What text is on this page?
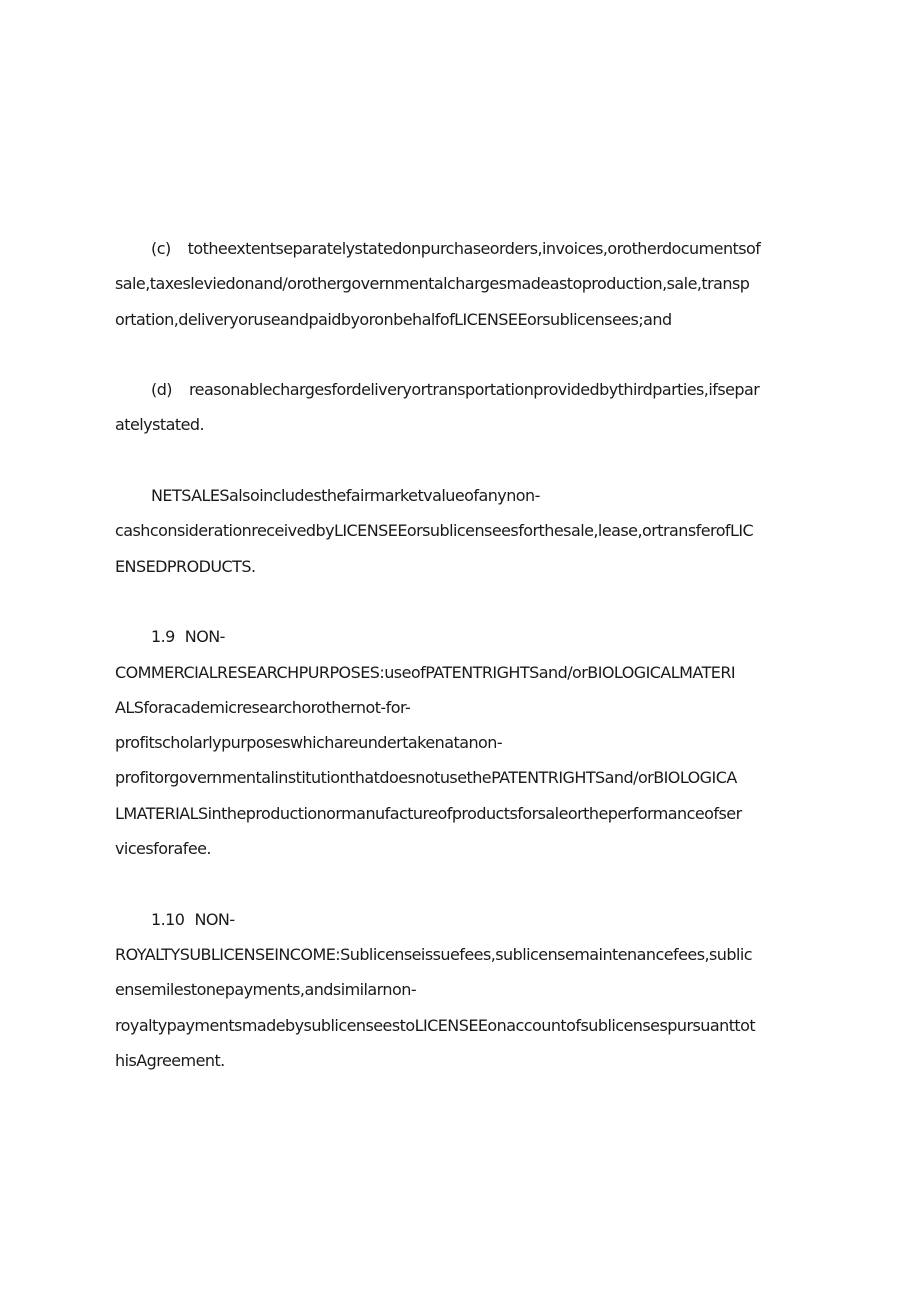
(c) totheextentseparatelystatedonpurchaseorders,invoices,orotherdocumentsof
sale,taxesleviedonand/orothergovernmentalchargesmadeastoproduction,sale,transp
ortation,deliveryoruseandpaidbyoronbehalfofLICENSEEorsublicensees;and
(d) reasonablechargesfordeliveryortransportationprovidedbythirdparties,ifsepar
atelystated.
NETSALESalsoincludesthefairmarketvalueofanynon-
cashconsiderationreceivedbyLICENSEEorsublicenseesforthesale,lease,ortransferofLIC
ENSEDPRODUCTS.
1.9 NON-
COMMERCIALRESEARCHPURPOSES:useofPATENTRIGHTSand/orBIOLOGICALMATERI
ALSforacademicresearchorothernot-for-
profitscholarlypurposeswhichareundertakenatanon-
profitorgovernmentalinstitutionthatdoesnotusethePATENTRIGHTSand/orBIOLOGICA
LMATERIALSintheproductionormanufactureofproductsforsaleortheperformanceofser
vicesforafee.
1.10 NON-
ROYALTYSUBLICENSEINCOME:Sublicenseissuefees,sublicensemaintenancefees,sublic
ensemilestonepayments,andsimilarnon-
royaltypaymentsmadebysublicenseestoLICENSEEonaccountofsublicensespursuanttot
hisAgreement.
